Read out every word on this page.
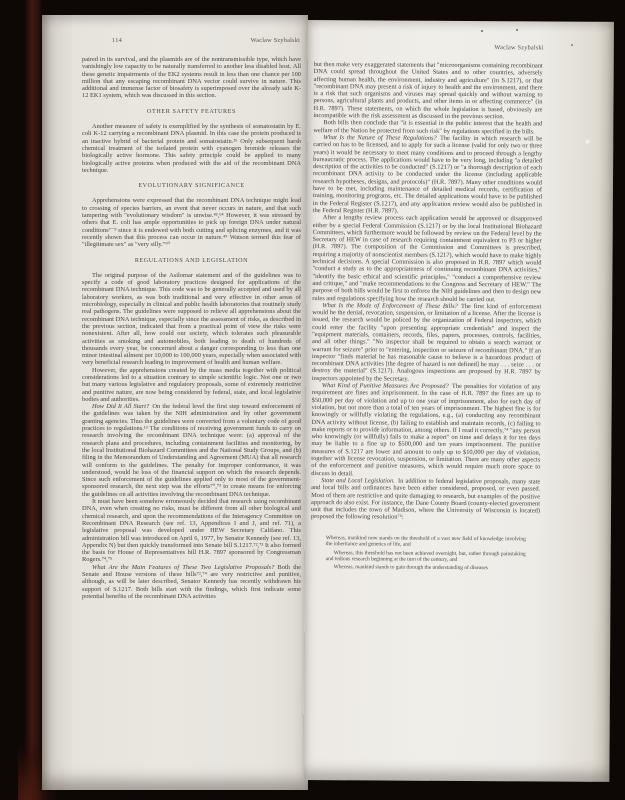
114	Waclaw Szybalski
paired in its survival, and the plasmids are of the nontransmissible type, which have vanishingly low capacity to be naturally transferred to another less disabled host. All these genetic impairments of the EK2 systems result in less than one chance per 100 million that any escaping recombinant DNA vector could survive in nature. This additional and immense factor of biosafety is superimposed over the already safe K-12 EK1 system, which was discussed in this section.
OTHER SAFETY FEATURES
Another measure of safety is exemplified by the synthesis of somatostatin by E. coli K-12 carrying a recombinant DNA plasmid. In this case the protein produced is an inactive hybrid of bacterial protein and somatostatin.²⁶ Only subsequent harsh chemical treatment of the isolated protein with cyanogen bromide releases the biologically active hormone. This safety principle could be applied to many biologically active proteins when produced with the aid of the recombinant DNA technique.
EVOLUTIONARY SIGNIFICANCE
Apprehensions were expressed that the recombinant DNA technique might lead to crossing of species barriers, an event that never occurs in nature, and that such tampering with "evolutionary wisdom" is unwise.⁴³,⁶⁴ However, it was stressed by others that E. coli has ample opportunities to pick up foreign DNA under natural conditions⁷⁻⁹ since it is endowed with both cutting and splicing enzymes, and it was recently shown that this process can occur in nature.⁴⁹ Watson termed this fear of "illegitimate sex" as "very silly."⁶⁰
REGULATIONS AND LEGISLATION
The original purpose of the Asilomar statement and of the guidelines was to specify a code of good laboratory practices designed for applications of the recombinant DNA technique. This code was to be generally accepted and used by all laboratory workers, as was both traditional and very effective in other areas of microbiology, especially in clinical and public health laboratories that routinely study real pathogens. The guidelines were supposed to relieve all apprehensions about the recombinant DNA technique, especially since the assessment of risks, as described in the previous section, indicated that from a practical point of view the risks were nonexistent. After all, how could our society, which tolerates such pleasurable activities as smoking and automobiles, both leading to death of hundreds of thousands every year, be concerned about a danger corresponding to less than one minor intestinal ailment per 10,000 to 100,000 years, especially when associated with very beneficial research leading to improvement of health and human welfare.
However, the apprehensions created by the mass media together with political considerations led to a situation contrary to simple scientific logic. Not one or two but many various legislative and regulatory proposals, some of extremely restrictive and punitive nature, are now being considered by federal, state, and local legislative bodies and authorities.
How Did It All Start? On the federal level the first step toward enforcement of the guidelines was taken by the NIH administration and by other government granting agencies. Thus the guidelines were converted from a voluntary code of good practices to regulations.¹³ The conditions of receiving government funds to carry on research involving the recombinant DNA technique were: (a) approval of the research plans and procedures, including containment facilities and monitoring, by the local Institutional Biohazard Committees and the National Study Groups, and (b) filing in the Memorandum of Understanding and Agreement (MUA) that all research will conform to the guidelines. The penalty for improper conformance, it was understood, would be loss of the financial support on which the research depends. Since such enforcement of the guidelines applied only to most of the government-sponsored research, the next step was the efforts⁷⁰,⁷³ to create means for enforcing the guidelines on all activities involving the recombinant DNA technique.
It must have been somehow erroneously decided that research using recombinant DNA, even when creating no risks, must be different from all other biological and chemical research, and upon the recommendations of the Interagency Committee on Recombinant DNA Research (see ref. 13, Appendices I and J, and ref. 71), a legislative proposal was developed under HEW Secretary Califano. This administration bill was introduced on April 6, 1977, by Senator Kennedy (see ref. 13, Appendix N) but then quickly transformed into Senate bill S.1217.⁷²,⁷³ It also formed the basis for House of Representatives bill H.R. 7897 sponsored by Congressman Rogers.⁷⁴,⁷⁵
What Are the Main Features of These Two Legislative Proposals? Both the Senate and House versions of these bills⁷²,⁷⁴ are very restrictive and punitive, although, as will be later described, Senator Kennedy has recently withdrawn his support of S.1217. Both bills start with the findings, which first indicate some potential benefits of the recombinant DNA activities
Waclaw Szybalski
but then make very exaggerated statements that "microorganisms containing recombinant DNA could spread throughout the United States and to other countries, adversely affecting human health, the environment, industry and agriculture" (in S.1217), or that "recombinant DNA may present a risk of injury to health and the environment, and there is a risk that such organisms and viruses may spread quickly and without warning to persons, agricultural plants and products, and other items in or affecting commerce" (in H.R. 7897). These statements, on which the whole legislation is based, obviously are incompatible with the risk assessment as discussed in the previous section.
Both bills then conclude that "it is essential in the public interest that the health and welfare of the Nation be protected from such risk" by regulations specified in the bills.
What Is the Nature of These Regulations? The facility in which research will be carried on has to be licensed, and to apply for such a license (valid for only two or three years) it would be necessary to meet many conditions and to proceed through a lengthy bureaucratic process. The applications would have to be very long, including "a detailed description of the activities to be conducted" (S.1217) or "a thorough description of each recombinant DNA activity to be conducted under the license (including applicable research hypotheses, designs, and protocols)" (H.R. 7897). Many other conditions would have to be met, including maintenance of detailed medical records, certification of training, monitoring programs, etc. The detailed applications would have to be published in the Federal Register (S.1217), and any application review would also be published in the Federal Register (H.R. 7897).
After a lengthy review process each application would be approved or disapproved either by a special Federal Commission (S.1217) or by the local Institutional Biohazard Committees, which furthermore would be followed by review on the Federal level by the Secretary of HEW in case of research requiring containment equivalent to P3 or higher (H.R. 7897). The composition of the Commission and Committees is prescribed, requiring a majority of nonscientist members (S.1217), which would have to make highly technical decisions. A special Commission is also proposed in H.R. 7897 which would "conduct a study as to the appropriateness of continuing recombinant DNA activities," "identify the basic ethical and scientific principles," "conduct a comprehensive review and critique," and "make recommendations to the Congress and Secretary of HEW." The purpose of both bills would be first to enforce the NIH guidelines and then to design new rules and regulations specifying how the research should be carried out.
What Is the Mode of Enforcement of These Bills? The first kind of enforcement would be the denial, revocation, suspension, or limitation of a license. After the license is issued, the research would be policed by the organization of Federal inspectors, which could enter the facility "upon presenting appropriate credentials" and inspect the "equipment materials, containers, records, files, papers, processes, controls, facilities, and all other things." "No inspector shall be required to obtain a search warrant or warrant for seizure" prior to "entering, inspection or seizure of recombinant DNA." If an inspector "finds material he has reasonable cause to believe is a hazardous product of recombinant DNA activities [the degree of hazard is not defined] he may . . . seize . . . or destroy the material" (S.1217). Analogous inspections are proposed by H.R. 7897 by inspectors appointed by the Secretary.
What Kind of Punitive Measures Are Proposed? The penalties for violation of any requirement are fines and imprisonment. In the case of H.R. 7897 the fines are up to $50,000 per day of violation and up to one year of imprisonment, also for each day of violation, but not more than a total of ten years of imprisonment. The highest fine is for knowingly or willfully violating the regulations, e.g., (a) conducting any recombinant DNA activity without license, (b) failing to establish and maintain records, (c) failing to make reports or to provide information, among others. If I read it correctly,⁷⁴ "any person who knowingly (or willfully) fails to make a report" on time and delays it for ten days may be liable to a fine up to $500,000 and ten years imprisonment. The punitive measures of S.1217 are lower and amount to only up to $10,000 per day of violation, together with license revocation, suspension, or limitation. There are many other aspects of the enforcement and punitive measures, which would require much more space to discuss in detail.
State and Local Legislation. In addition to federal legislative proposals, many state and local bills and ordinances have been either considered, proposed, or even passed. Most of them are restrictive and quite damaging to research, but examples of the positive approach do also exist. For instance, the Dane County Board (county-elected government unit that includes the town of Madison, where the University of Wisconsin is located) proposed the following resolution⁷⁶:
Whereas, mankind now stands on the threshold of a vast new field of knowledge involving the inheritance and genetics of life, and
Whereas, this threshold has not been achieved overnight, but, rather through painstaking and tedious research beginning at the turn of the century, and
Whereas, mankind stands to gain through the understanding of diseases
